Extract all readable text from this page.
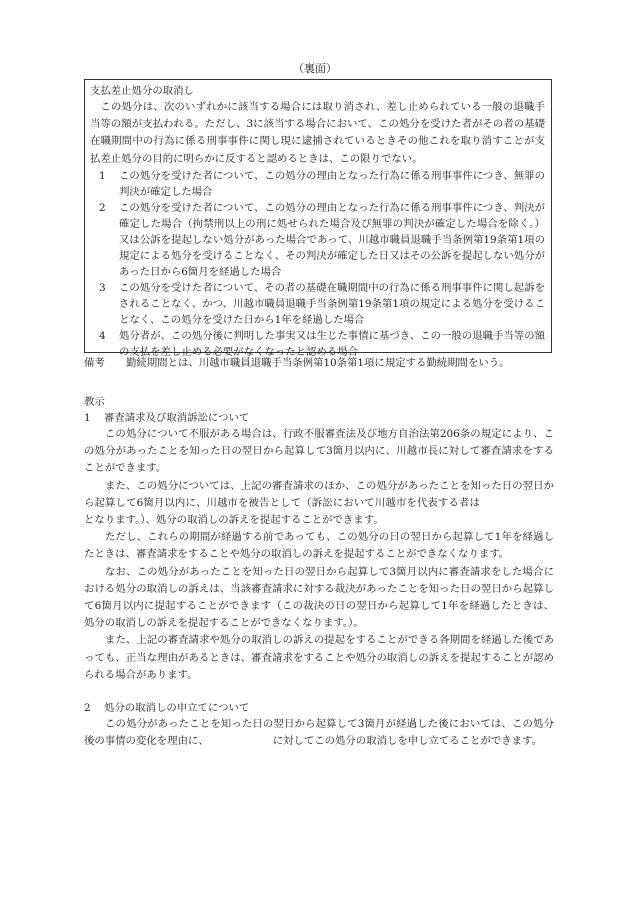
（裏面）

支払差止処分の取消し

この処分は、次のいずれかに該当する場合には取り消され、差し止められている一般の退職手当等の額が支払われる。ただし、3に該当する場合において、この処分を受けた者がその者の基礎在職期間中の行為に係る刑事事件に関し現に逮捕されているときその他これを取り消すことが支払差止処分の目的に明らかに反すると認めるときは、この限りでない。

1	この処分を受けた者について、この処分の理由となった行為に係る刑事事件につき、無罪の判決が確定した場合
2	この処分を受けた者について、この処分の理由となった行為に係る刑事事件につき、判決が確定した場合（拘禁刑以上の刑に処せられた場合及び無罪の判決が確定した場合を除く。）又は公訴を提起しない処分があった場合であって、川越市職員退職手当条例第19条第1項の規定による処分を受けることなく、その判決が確定した日又はその公訴を提起しない処分があった日から6箇月を経過した場合
3	この処分を受けた者について、その者の基礎在職期間中の行為に係る刑事事件に関し起訴をされることなく、かつ、川越市職員退職手当条例第19条第1項の規定による処分を受けることなく、この処分を受けた日から1年を経過した場合
4	処分者が、この処分後に判明した事実又は生じた事情に基づき、この一般の退職手当等の額の支払を差し止める必要がなくなったと認める場合
備考	勤続期間とは、川越市職員退職手当条例第10条第1項に規定する勤続期間をいう。

教示

1	審査請求及び取消訴訟について

この処分について不服がある場合は、行政不服審査法及び地方自治法第206条の規定により、この処分があったことを知った日の翌日から起算して3箇月以内に、川越市長に対して審査請求をすることができます。

また、この処分については、上記の審査請求のほか、この処分があったことを知った日の翌日から起算して6箇月以内に、川越市を被告として（訴訟において川越市を代表する者はとなります。）、処分の取消しの訴えを提起することができます。

ただし、これらの期間が経過する前であっても、この処分の日の翌日から起算して1年を経過したときは、審査請求をすることや処分の取消しの訴えを提起することができなくなります。

なお、この処分があったことを知った日の翌日から起算して3箇月以内に審査請求をした場合における処分の取消しの訴えは、当該審査請求に対する裁決があったことを知った日の翌日から起算して6箇月以内に提起することができます（この裁決の日の翌日から起算して1年を経過したときは、処分の取消しの訴えを提起することができなくなります。）。

また、上記の審査請求や処分の取消しの訴えの提起をすることができる各期間を経過した後であっても、正当な理由があるときは、審査請求をすることや処分の取消しの訴えを提起することが認められる場合があります。

2	処分の取消しの申立てについて

この処分があったことを知った日の翌日から起算して3箇月が経過した後においては、この処分後の事情の変化を理由に、	に対してこの処分の取消しを申し立てることができます。
